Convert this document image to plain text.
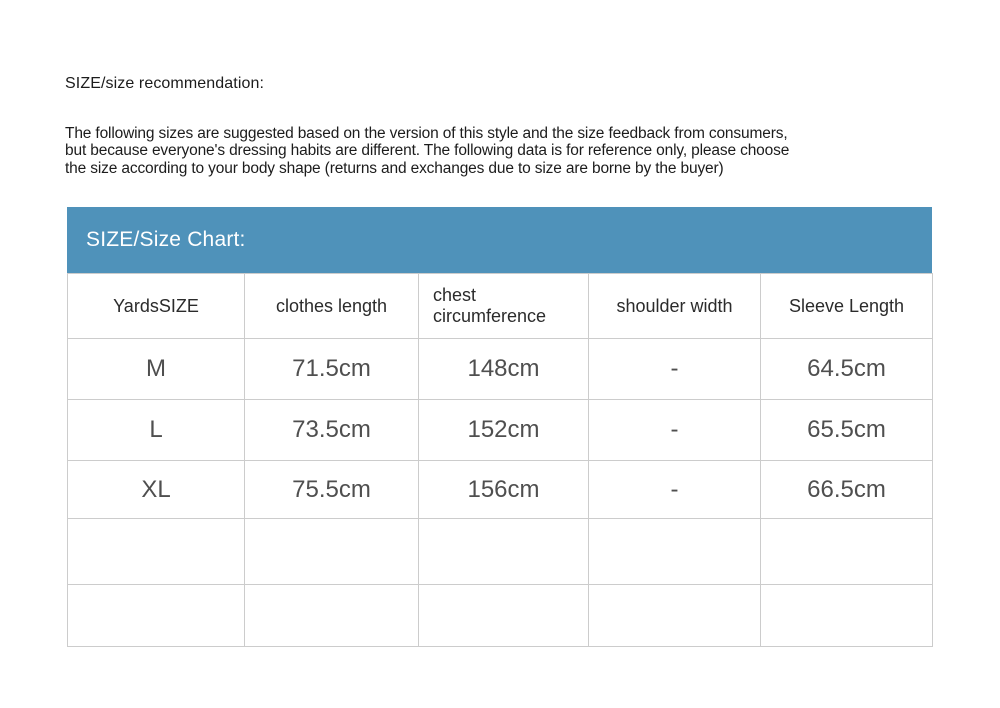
SIZE/size recommendation:
The following sizes are suggested based on the version of this style and the size feedback from consumers,
but because everyone's dressing habits are different. The following data is for reference only, please choose
the size according to your body shape (returns and exchanges due to size are borne by the buyer)
SIZE/Size Chart:
YardsSIZE	clothes length	chest circumference	shoulder width	Sleeve Length
M	71.5cm	148cm	-	64.5cm
L	73.5cm	152cm	-	65.5cm
XL	75.5cm	156cm	-	66.5cm
